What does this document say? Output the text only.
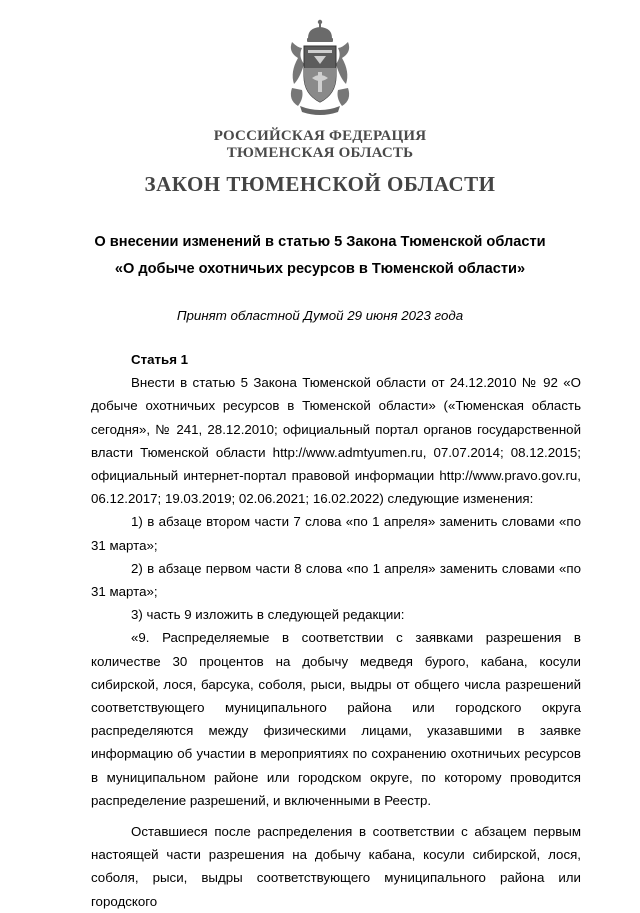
РОССИЙСКАЯ ФЕДЕРАЦИЯ
ТЮМЕНСКАЯ ОБЛАСТЬ
ЗАКОН ТЮМЕНСКОЙ ОБЛАСТИ
О внесении изменений в статью 5 Закона Тюменской области
«О добыче охотничьих ресурсов в Тюменской области»
Принят областной Думой 29 июня 2023 года

Статья 1

Внести в статью 5 Закона Тюменской области от 24.12.2010 № 92 «О добыче охотничьих ресурсов в Тюменской области» («Тюменская область сегодня», № 241, 28.12.2010; официальный портал органов государственной власти Тюменской области http://www.admtyumen.ru, 07.07.2014; 08.12.2015; официальный интернет-портал правовой информации http://www.pravo.gov.ru, 06.12.2017; 19.03.2019; 02.06.2021; 16.02.2022) следующие изменения:

1) в абзаце втором части 7 слова «по 1 апреля» заменить словами «по 31 марта»;

2) в абзаце первом части 8 слова «по 1 апреля» заменить словами «по 31 марта»;

3) часть 9 изложить в следующей редакции:

«9. Распределяемые в соответствии с заявками разрешения в количестве 30 процентов на добычу медведя бурого, кабана, косули сибирской, лося, барсука, соболя, рыси, выдры от общего числа разрешений соответствующего муниципального района или городского округа распределяются между физическими лицами, указавшими в заявке информацию об участии в мероприятиях по сохранению охотничьих ресурсов в муниципальном районе или городском округе, по которому проводится распределение разрешений, и включенными в Реестр.

Оставшиеся после распределения в соответствии с абзацем первым настоящей части разрешения на добычу кабана, косули сибирской, лося, соболя, рыси, выдры соответствующего муниципального района или городского
